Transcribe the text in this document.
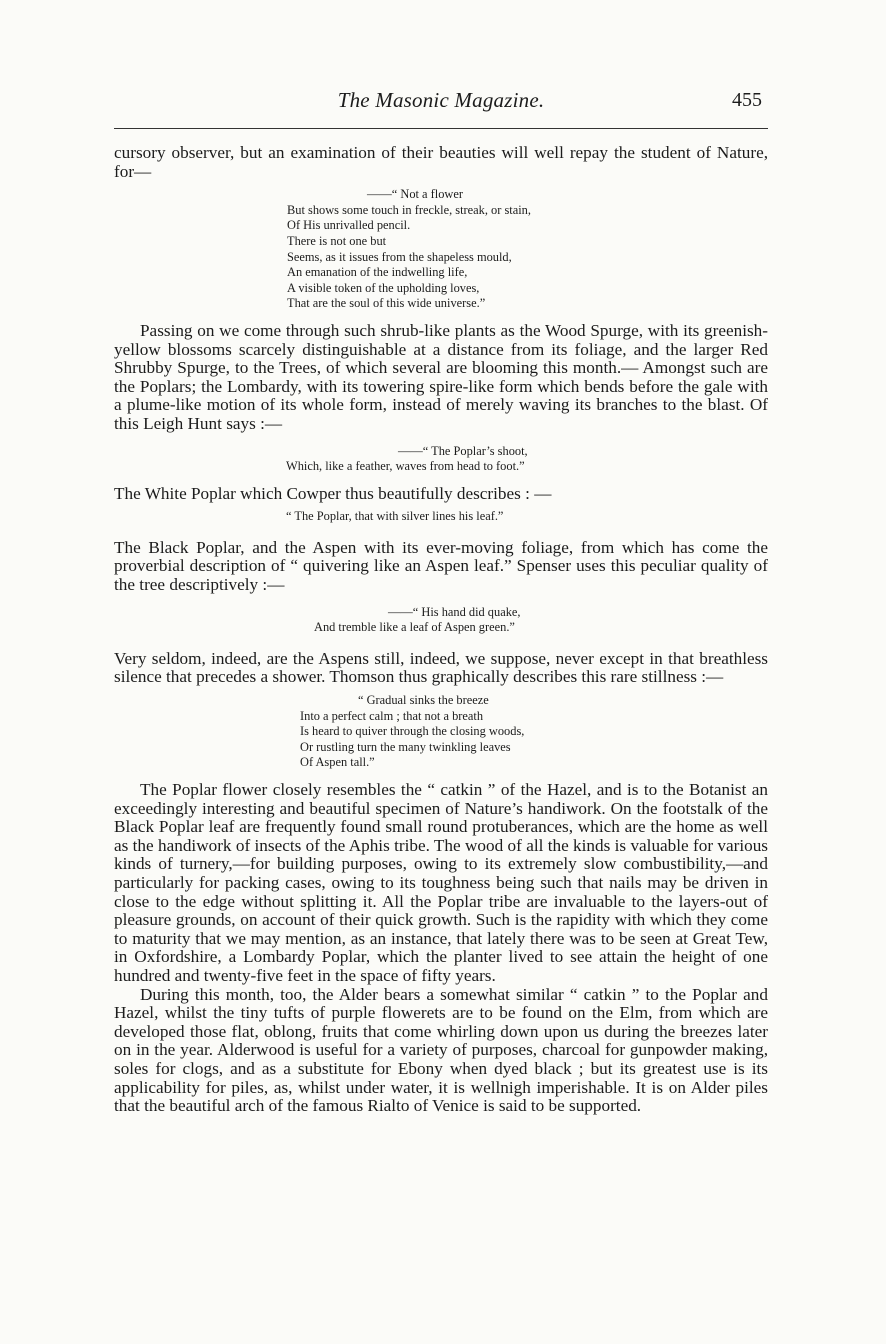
The Masonic Magazine.	455

cursory observer, but an examination of their beauties will well repay the student of Nature, for—

——“ Not a flower
But shows some touch in freckle, streak, or stain,
Of His unrivalled pencil.
There is not one but
Seems, as it issues from the shapeless mould,
An emanation of the indwelling life,
A visible token of the upholding loves,
That are the soul of this wide universe.”

Passing on we come through such shrub-like plants as the Wood Spurge, with its greenish-yellow blossoms scarcely distinguishable at a distance from its foliage, and the larger Red Shrubby Spurge, to the Trees, of which several are blooming this month.— Amongst such are the Poplars; the Lombardy, with its towering spire-like form which bends before the gale with a plume-like motion of its whole form, instead of merely waving its branches to the blast. Of this Leigh Hunt says :—

——“ The Poplar’s shoot,
Which, like a feather, waves from head to foot.”

The White Poplar which Cowper thus beautifully describes : —

“ The Poplar, that with silver lines his leaf.”

The Black Poplar, and the Aspen with its ever-moving foliage, from which has come the proverbial description of “ quivering like an Aspen leaf.” Spenser uses this peculiar quality of the tree descriptively :—

——“ His hand did quake,
And tremble like a leaf of Aspen green.”

Very seldom, indeed, are the Aspens still, indeed, we suppose, never except in that breathless silence that precedes a shower. Thomson thus graphically describes this rare stillness :—

“ Gradual sinks the breeze
Into a perfect calm ; that not a breath
Is heard to quiver through the closing woods,
Or rustling turn the many twinkling leaves
Of Aspen tall.”

The Poplar flower closely resembles the “ catkin ” of the Hazel, and is to the Botanist an exceedingly interesting and beautiful specimen of Nature’s handiwork. On the footstalk of the Black Poplar leaf are frequently found small round protuberances, which are the home as well as the handiwork of insects of the Aphis tribe. The wood of all the kinds is valuable for various kinds of turnery,—for building purposes, owing to its extremely slow combustibility,—and particularly for packing cases, owing to its toughness being such that nails may be driven in close to the edge without splitting it. All the Poplar tribe are invaluable to the layers-out of pleasure grounds, on account of their quick growth. Such is the rapidity with which they come to maturity that we may mention, as an instance, that lately there was to be seen at Great Tew, in Oxfordshire, a Lombardy Poplar, which the planter lived to see attain the height of one hundred and twenty-five feet in the space of fifty years.

During this month, too, the Alder bears a somewhat similar “ catkin ” to the Poplar and Hazel, whilst the tiny tufts of purple flowerets are to be found on the Elm, from which are developed those flat, oblong, fruits that come whirling down upon us during the breezes later on in the year. Alderwood is useful for a variety of purposes, charcoal for gunpowder making, soles for clogs, and as a substitute for Ebony when dyed black ; but its greatest use is its applicability for piles, as, whilst under water, it is wellnigh imperishable. It is on Alder piles that the beautiful arch of the famous Rialto of Venice is said to be supported.
